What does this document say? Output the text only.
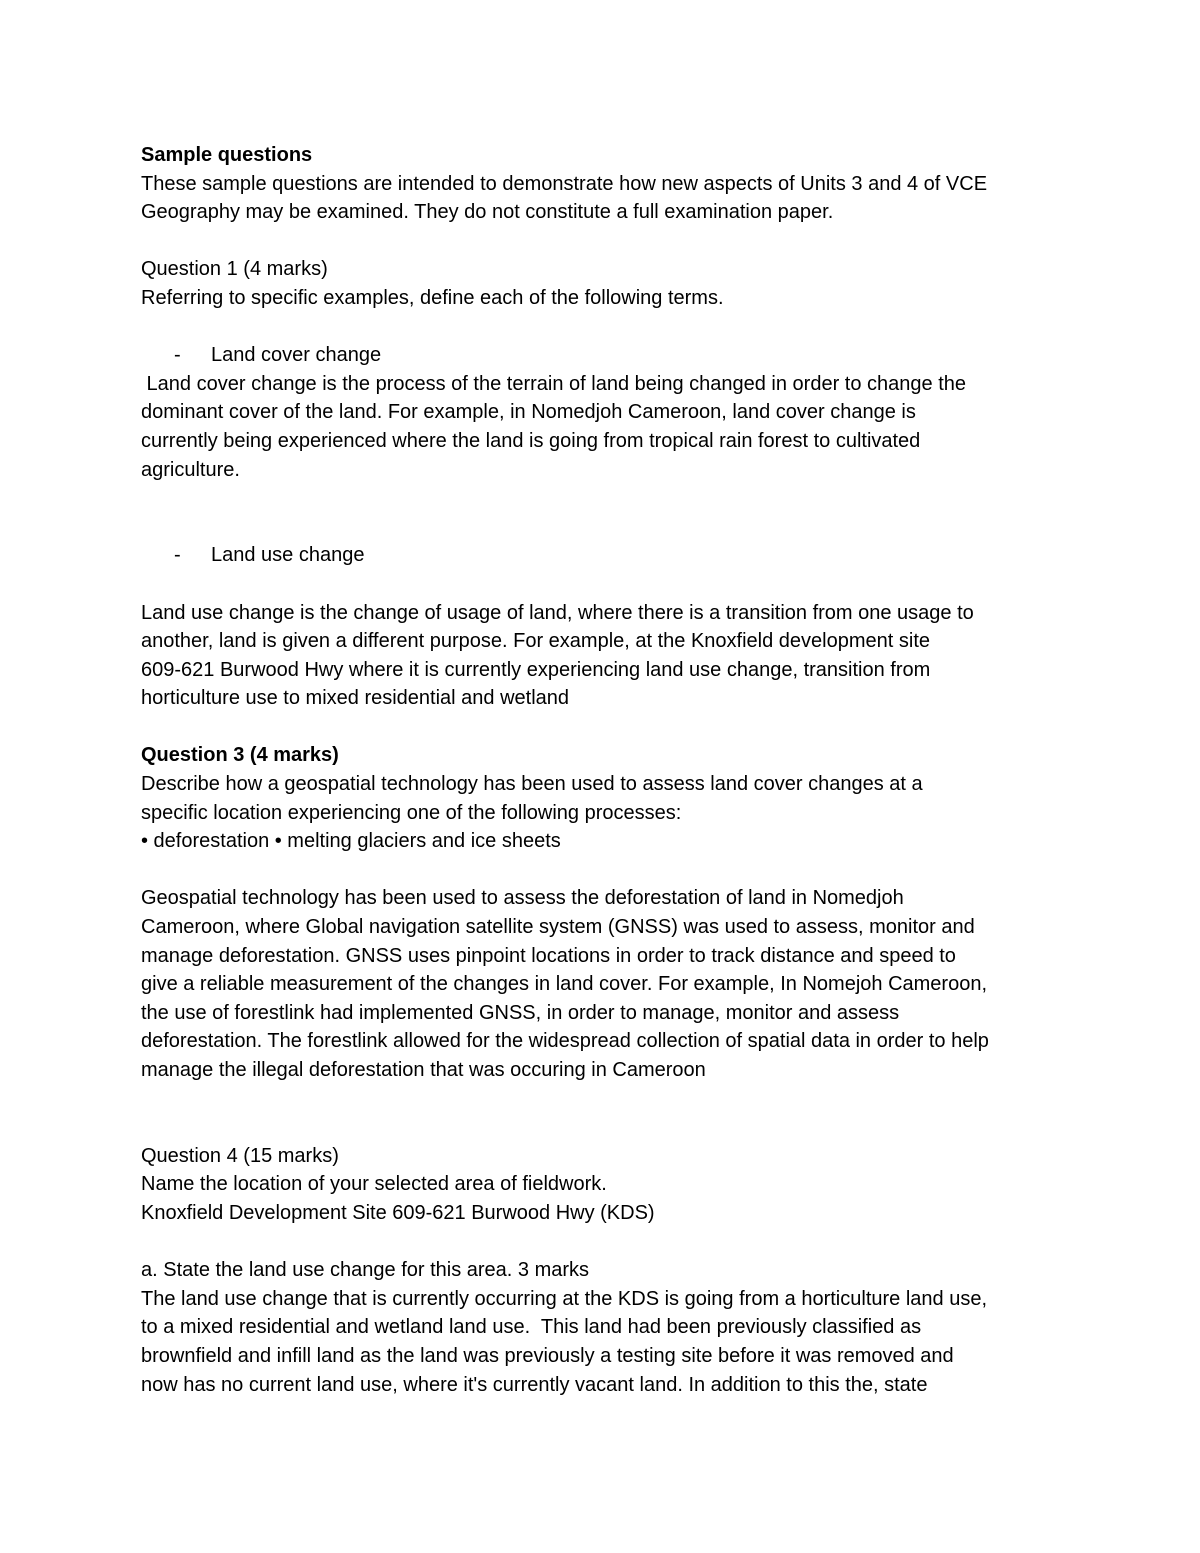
Sample questions

These sample questions are intended to demonstrate how new aspects of Units 3 and 4 of VCE

Geography may be examined. They do not constitute a full examination paper.

Question 1 (4 marks)

Referring to specific examples, define each of the following terms.

- Land cover change

Land cover change is the process of the terrain of land being changed in order to change the

dominant cover of the land. For example, in Nomedjoh Cameroon, land cover change is

currently being experienced where the land is going from tropical rain forest to cultivated

agriculture.

- Land use change

Land use change is the change of usage of land, where there is a transition from one usage to

another, land is given a different purpose. For example, at the Knoxfield development site

609-621 Burwood Hwy where it is currently experiencing land use change, transition from

horticulture use to mixed residential and wetland

Question 3 (4 marks)

Describe how a geospatial technology has been used to assess land cover changes at a

specific location experiencing one of the following processes:

• deforestation • melting glaciers and ice sheets

Geospatial technology has been used to assess the deforestation of land in Nomedjoh

Cameroon, where Global navigation satellite system (GNSS) was used to assess, monitor and

manage deforestation. GNSS uses pinpoint locations in order to track distance and speed to

give a reliable measurement of the changes in land cover. For example, In Nomejoh Cameroon,

the use of forestlink had implemented GNSS, in order to manage, monitor and assess

deforestation. The forestlink allowed for the widespread collection of spatial data in order to help

manage the illegal deforestation that was occuring in Cameroon

Question 4 (15 marks)

Name the location of your selected area of fieldwork.

Knoxfield Development Site 609-621 Burwood Hwy (KDS)

a. State the land use change for this area. 3 marks

The land use change that is currently occurring at the KDS is going from a horticulture land use,

to a mixed residential and wetland land use.  This land had been previously classified as

brownfield and infill land as the land was previously a testing site before it was removed and

now has no current land use, where it's currently vacant land. In addition to this the, state
